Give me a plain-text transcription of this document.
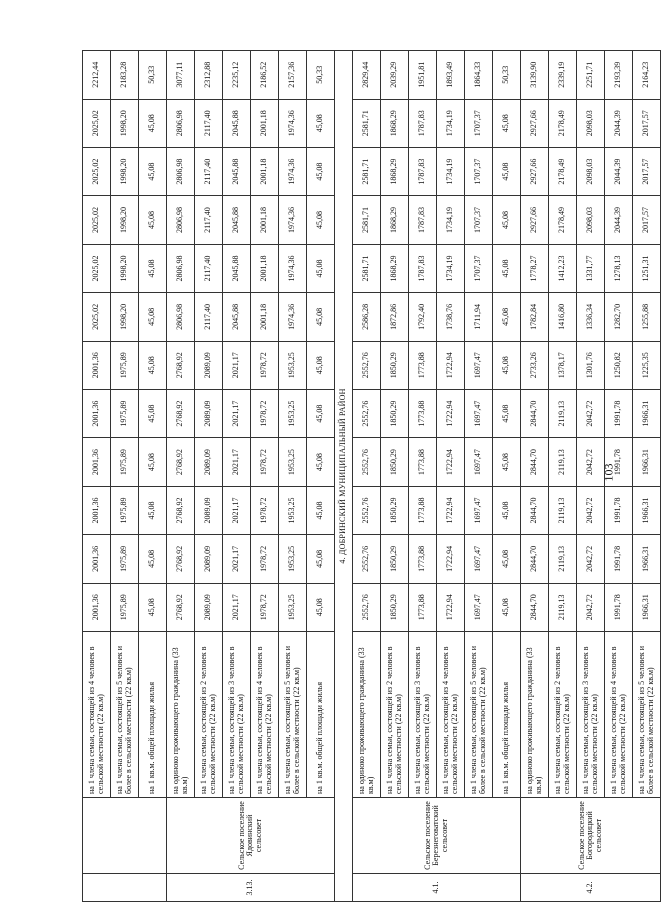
		на 1 члена семьи, состоящей из 4 человек в сельской местности (22 кв.м)	2001,36	2001,36	2001,36	2001,36	2001,36	2001,36	2025,02	2025,02	2025,02	2025,02	2025,02	2212,44
		на 1 члена семьи, состоящей из 5 человек и более в сельской местности (22 кв.м)	1975,89	1975,89	1975,89	1975,89	1975,89	1975,89	1998,20	1998,20	1998,20	1998,20	1998,20	2183,28
		на 1 кв.м. общей площади жилья	45,08	45,08	45,08	45,08	45,08	45,08	45,08	45,08	45,08	45,08	45,08	50,33
3.13.	Сельское поселение Ядовинский сельсовет	на одиноко проживающего гражданина (33 кв.м)	2768,92	2768,92	2768,92	2768,92	2768,92	2768,92	2806,98	2806,98	2806,98	2806,98	2806,98	3077,11
		на 1 члена семьи, состоящей из 2 человек в сельской местности (22 кв.м)	2089,09	2089,09	2089,09	2089,09	2089,09	2089,09	2117,40	2117,40	2117,40	2117,40	2117,40	2312,88
		на 1 члена семьи, состоящей из 3 человек в сельской местности (22 кв.м)	2021,17	2021,17	2021,17	2021,17	2021,17	2021,17	2045,88	2045,88	2045,88	2045,88	2045,88	2235,12
		на 1 члена семьи, состоящей из 4 человек в сельской местности (22 кв.м)	1978,72	1978,72	1978,72	1978,72	1978,72	1978,72	2001,18	2001,18	2001,18	2001,18	2001,18	2186,52
		на 1 члена семьи, состоящей из 5 человек и более в сельской местности (22 кв.м)	1953,25	1953,25	1953,25	1953,25	1953,25	1953,25	1974,36	1974,36	1974,36	1974,36	1974,36	2157,36
		на 1 кв.м. общей площади жилья	45,08	45,08	45,08	45,08	45,08	45,08	45,08	45,08	45,08	45,08	45,08	50,33
4. ДОБРИНСКИЙ МУНИЦИПАЛЬНЫЙ РАЙОН														
4.1.	Сельское поселение Березнеговатский сельсовет	на одиноко проживающего гражданина (33 кв.м)	2552,76	2552,76	2552,76	2552,76	2552,76	2552,76	2586,28	2581,71	2581,71	2581,71	2581,71	2829,44
		на 1 члена семьи, состоящей из 2 человек в сельской местности (22 кв.м)	1850,29	1850,29	1850,29	1850,29	1850,29	1850,29	1872,86	1868,29	1868,29	1868,29	1868,29	2039,29
		на 1 члена семьи, состоящей из 3 человек в сельской местности (22 кв.м)	1773,88	1773,88	1773,88	1773,88	1773,88	1773,88	1792,40	1787,83	1787,83	1787,83	1787,83	1951,81
		на 1 члена семьи, состоящей из 4 человек в сельской местности (22 кв.м)	1722,94	1722,94	1722,94	1722,94	1722,94	1722,94	1738,76	1734,19	1734,19	1734,19	1734,19	1893,49
		на 1 члена семьи, состоящей из 5 человек и более в сельской местности (22 кв.м)	1697,47	1697,47	1697,47	1697,47	1697,47	1697,47	1711,94	1707,37	1707,37	1707,37	1707,37	1864,33
		на 1 кв.м. общей площади жилья	45,08	45,08	45,08	45,08	45,08	45,08	45,08	45,08	45,08	45,08	45,08	50,33
4.2.	Сельское поселение Богородицкий сельсовет	на одиноко проживающего гражданина (33 кв.м)	2844,70	2844,70	2844,70	2844,70	2844,70	2733,26	1782,84	1778,27	2927,66	2927,66	2927,66	3139,90
		на 1 члена семьи, состоящей из 2 человек в сельской местности (22 кв.м)	2119,13	2119,13	2119,13	2119,13	2119,13	1378,17	1416,80	1412,23	2178,49	2178,49	2178,49	2339,19
		на 1 члена семьи, состоящей из 3 человек в сельской местности (22 кв.м)	2042,72	2042,72	2042,72	2042,72	2042,72	1301,76	1336,34	1331,77	2098,03	2098,03	2098,03	2251,71
		на 1 члена семьи, состоящей из 4 человек в сельской местности (22 кв.м)	1991,78	1991,78	1991,78	1991,78	1991,78	1250,82	1282,70	1278,13	2044,39	2044,39	2044,39	2193,39
		на 1 члена семьи, состоящей из 5 человек и более в сельской местности (22 кв.м)	1966,31	1966,31	1966,31	1966,31	1966,31	1225,35	1255,88	1251,31	2017,57	2017,57	2017,57	2164,23
103
